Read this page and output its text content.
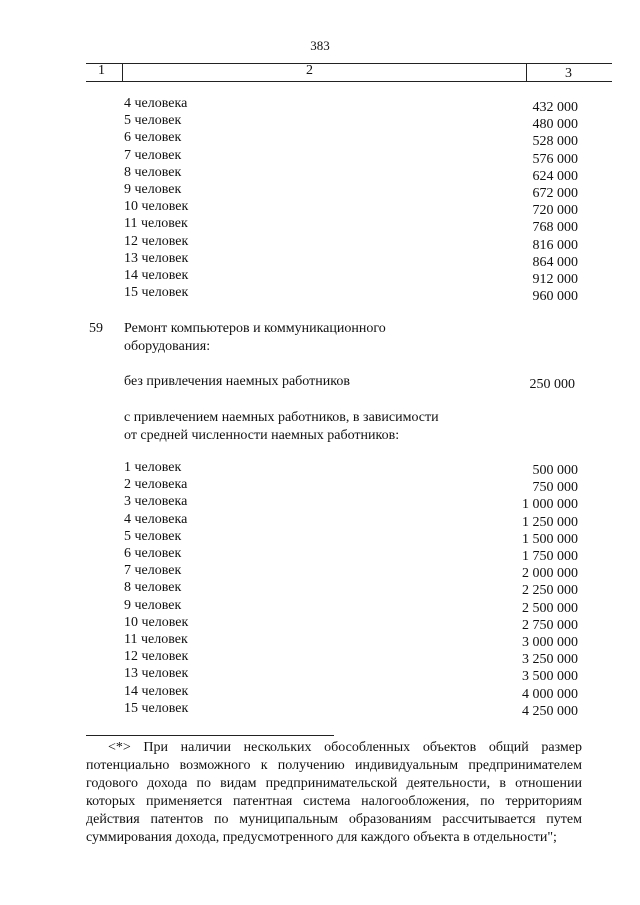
383
1	2	3
4 человека	432 000
5 человек	480 000
6 человек	528 000
7 человек	576 000
8 человек	624 000
9 человек	672 000
10 человек	720 000
11 человек	768 000
12 человек	816 000
13 человек	864 000
14 человек	912 000
15 человек	960 000
59 Ремонт компьютеров и коммуникационного
оборудования:
без привлечения наемных работников	250 000
с привлечением наемных работников, в зависимости
от средней численности наемных работников:
1 человек	500 000
2 человека	750 000
3 человека	1 000 000
4 человека	1 250 000
5 человек	1 500 000
6 человек	1 750 000
7 человек	2 000 000
8 человек	2 250 000
9 человек	2 500 000
10 человек	2 750 000
11 человек	3 000 000
12 человек	3 250 000
13 человек	3 500 000
14 человек	4 000 000
15 человек	4 250 000
<*> При наличии нескольких обособленных объектов общий размер потенциально возможного к получению индивидуальным предпринимателем годового дохода по видам предпринимательской деятельности, в отношении которых применяется патентная система налогообложения, по территориям действия патентов по муниципальным образованиям рассчитывается путем суммирования дохода, предусмотренного для каждого объекта в отдельности";
